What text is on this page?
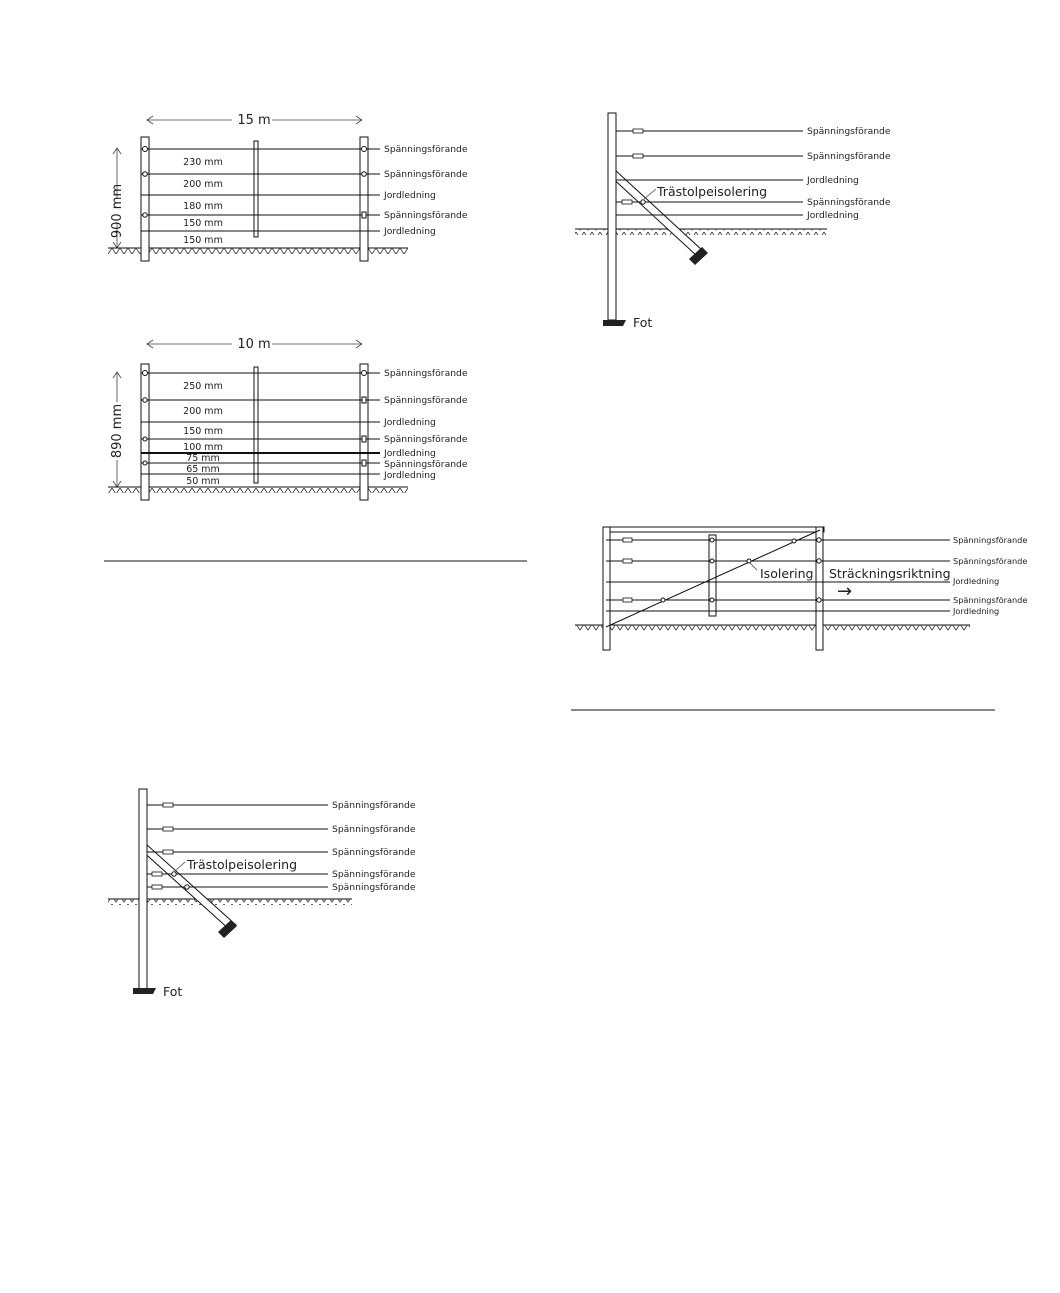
15 m
900 mm
230 mm
200 mm
180 mm
150 mm
150 mm
Spänningsförande
Spänningsförande
Jordledning
Spänningsförande
Jordledning
10 m
890 mm
250 mm
200 mm
150 mm
100 mm
75 mm
65 mm
50 mm
Spänningsförande
Spänningsförande
Jordledning
Spänningsförande
Jordledning
Spänningsförande
Jordledning
Trästolpeisolering
Fot
Spänningsförande
Spänningsförande
Jordledning
Spänningsförande
Jordledning
Trästolpeisolering
Fot
Spänningsförande
Spänningsförande
Spänningsförande
Spänningsförande
Spänningsförande
Isolering Sträckningsriktning
→
Spänningsförande
Spänningsförande
Jordledning
Spänningsförande
Jordledning
